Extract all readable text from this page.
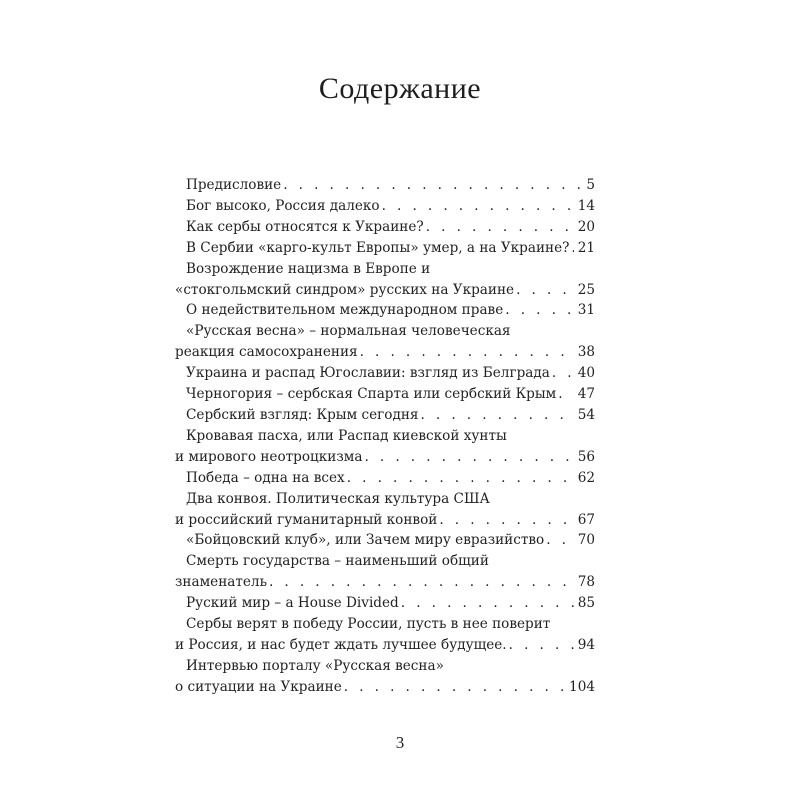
Содержание
Предисловие . . .	5
Бог высоко, Россия далеко . . .	14
Как сербы относятся к Украине? . . .	20
В Сербии «карго-культ Европы» умер, а на Украине? . . . 21
Возрождение нацизма в Европе и
«стокгольмский синдром» русских на Украине . . .	25
О недействительном международном праве . . .	31
«Русская весна» – нормальная человеческая
реакция самосохранения . . .	38
Украина и распад Югославии: взгляд из Белграда . . . 40
Черногория – сербская Спарта или сербский Крым . . . 47
Сербский взгляд: Крым сегодня . . .	54
Кровавая пасха, или Распад киевской хунты
и мирового неотроцкизма . . .	56
Победа – одна на всех . . .	62
Два конвоя. Политическая культура США
и российский гуманитарный конвой . . .	67
«Бойцовский клуб», или Зачем миру евразийство . . . 70
Смерть государства – наименьший общий
знаменатель . . .	78
Руский мир – a House Divided . . .	85
Сербы верят в победу России, пусть в нее поверит
и Россия, и нас будет ждать лучшее будущее. . . .	94
Интервью порталу «Русская весна»
о ситуации на Украине . . .	104
3
